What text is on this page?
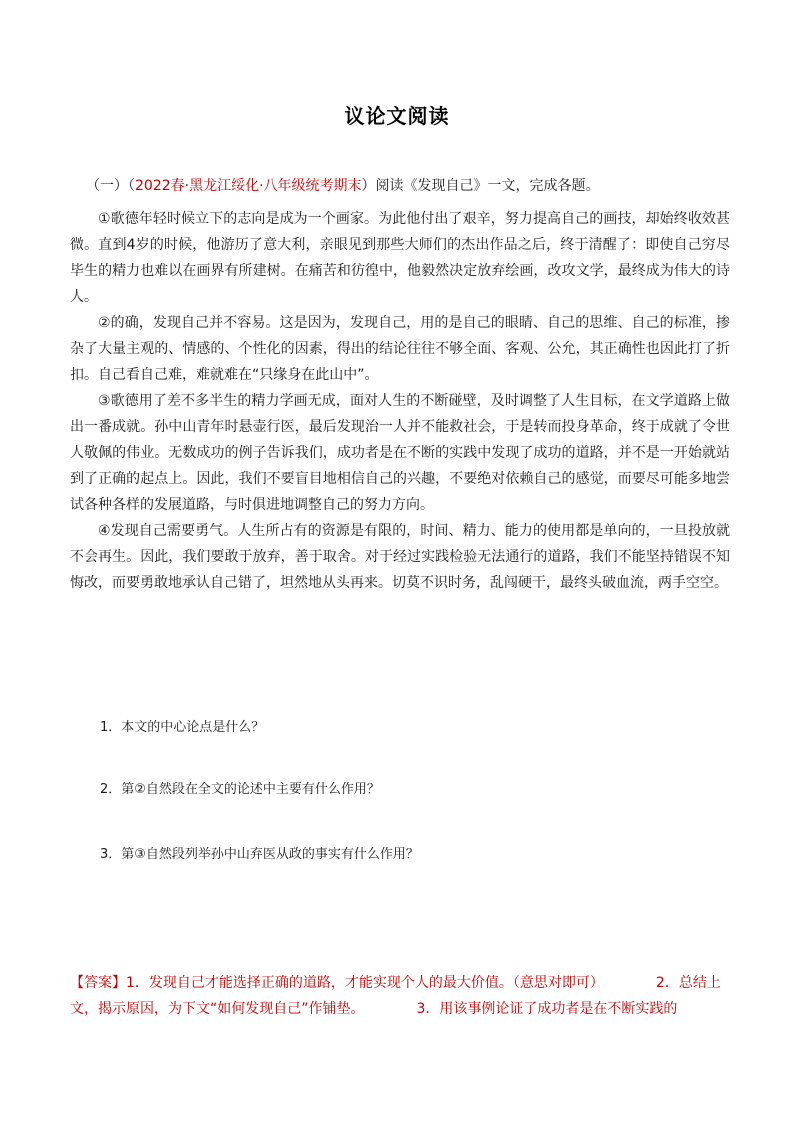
议论文阅读
（一）（2022春·黑龙江绥化·八年级统考期末）阅读《发现自己》一文，完成各题。

①歌德年轻时候立下的志向是成为一个画家。为此他付出了艰辛，努力提高自己的画技，却始终收效甚微。直到4岁的时候，他游历了意大利，亲眼见到那些大师们的杰出作品之后，终于清醒了：即使自己穷尽毕生的精力也难以在画界有所建树。在痛苦和彷徨中，他毅然决定放弃绘画，改攻文学，最终成为伟大的诗人。

②的确，发现自己并不容易。这是因为，发现自己，用的是自己的眼睛、自己的思维、自己的标准，掺杂了大量主观的、情感的、个性化的因素，得出的结论往往不够全面、客观、公允，其正确性也因此打了折扣。自己看自己难，难就难在“只缘身在此山中”。

③歌德用了差不多半生的精力学画无成，面对人生的不断碰壁，及时调整了人生目标，在文学道路上做出一番成就。孙中山青年时悬壶行医，最后发现治一人并不能救社会，于是转而投身革命，终于成就了令世人敬佩的伟业。无数成功的例子告诉我们，成功者是在不断的实践中发现了成功的道路，并不是一开始就站到了正确的起点上。因此，我们不要盲目地相信自己的兴趣，不要绝对依赖自己的感觉，而要尽可能多地尝试各种各样的发展道路，与时俱进地调整自己的努力方向。

④发现自己需要勇气。人生所占有的资源是有限的，时间、精力、能力的使用都是单向的，一旦投放就不会再生。因此，我们要敢于放弃，善于取舍。对于经过实践检验无法通行的道路，我们不能坚持错误不知悔改，而要勇敢地承认自己错了，坦然地从头再来。切莫不识时务，乱闯硬干，最终头破血流，两手空空。

1．本文的中心论点是什么？
2．第②自然段在全文的论述中主要有什么作用？
3．第③自然段列举孙中山弃医从政的事实有什么作用？
【答案】1．发现自己才能选择正确的道路，才能实现个人的最大价值。（意思对即可）	2．总结上文，揭示原因，为下文“如何发现自己”作铺垫。	3．用该事例论证了成功者是在不断实践的
